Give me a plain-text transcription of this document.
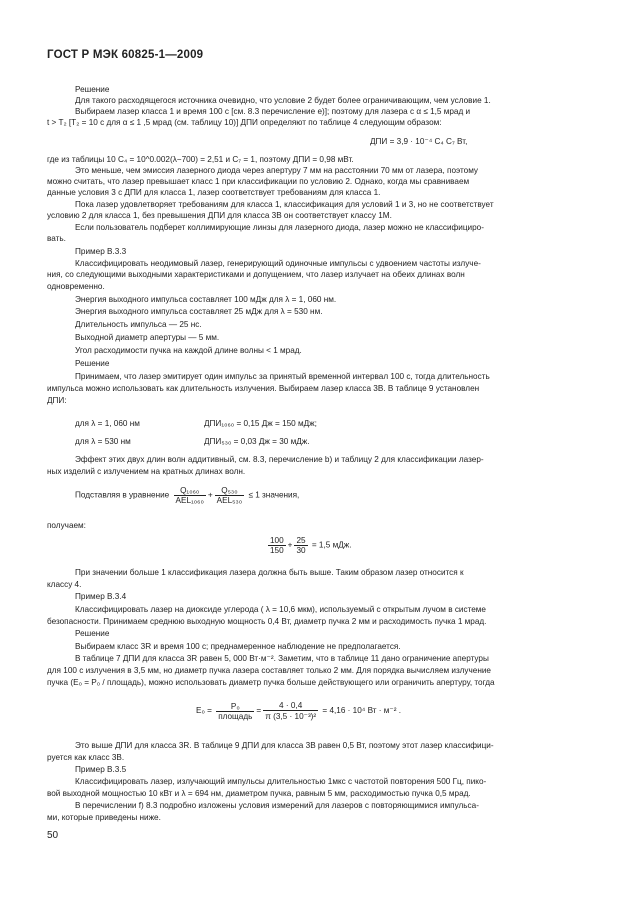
ГОСТ Р МЭК 60825-1—2009
Решение
Для такого расходящегося источника очевидно, что условие 2 будет более ограничивающим, чем условие 1.
Выбираем лазер класса 1 и время 100 с [см. 8.3 перечисление е)]; поэтому для лазера с α ≤ 1,5 мрад и
t > T₂ [T₂ = 10 с для α ≤ 1 ,5 мрад (см. таблицу 10)] ДПИ определяют по таблице 4 следующим образом:
ДПИ = 3,9 · 10⁻⁴ C₄ C₇ Вт,
где из таблицы 10 C₄ = 10^0.002(λ−700) = 2,51 и C₇ = 1, поэтому ДПИ = 0,98 мВт.
Это меньше, чем эмиссия лазерного диода через апертуру 7 мм на расстоянии 70 мм от лазера, поэтому
можно считать, что лазер превышает класс 1 при классификации по условию 2. Однако, когда мы сравниваем
данные условия 3 с ДПИ для класса 1, лазер соответствует требованиям для класса 1.
Пока лазер удовлетворяет требованиям для класса 1, классификация для условий 1 и 3, но не соответствует
условию 2 для класса 1, без превышения ДПИ для класса 3В он соответствует классу 1М.
Если пользователь подберет коллимирующие линзы для лазерного диода, лазер можно не классифициро-
вать.
Пример В.3.3
Классифицировать неодимовый лазер, генерирующий одиночные импульсы с удвоением частоты излуче-
ния, со следующими выходными характеристиками и допущением, что лазер излучает на обеих длинах волн
одновременно.
Энергия выходного импульса составляет 100 мДж для λ = 1, 060 нм.
Энергия выходного импульса составляет 25 мДж для λ = 530 нм.
Длительность импульса — 25 нс.
Выходной диаметр апертуры — 5 мм.
Угол расходимости пучка на каждой длине волны < 1 мрад.
Решение
Принимаем, что лазер эмитирует один импульс за принятый временной интервал 100 с, тогда длительность
импульса можно использовать как длительность излучения. Выбираем лазер класса 3В. В таблице 9 установлен
ДПИ:
для λ = 1, 060 нм	ДПИ₁₀₆₀ = 0,15 Дж = 150 мДж;
для λ = 530 нм	ДПИ₅₃₀ = 0,03 Дж = 30 мДж.
Эффект этих двух длин волн аддитивный, см. 8.3, перечисление b) и таблицу 2 для классификации лазер-
ных изделий с излучением на кратных длинах волн.
Подставляя в уравнение $\frac{\text{Q₁₀₆₀}}{\text{AEL₁₀₆₀}} + \frac{\text{Q₅₃₀}}{\text{AEL₅₃₀}} \le 1$ значения,
получаем:
$\frac{100}{150} + \frac{25}{30} = 1,5$ мДж.
При значении больше 1 классификация лазера должна быть выше. Таким образом лазер относится к
классу 4.
Пример В.3.4
Классифицировать лазер на диоксиде углерода ( λ = 10,6 мкм), используемый с открытым лучом в системе
безопасности. Принимаем среднюю выходную мощность 0,4 Вт, диаметр пучка 2 мм и расходимость пучка 1 мрад.
Решение
Выбираем класс 3R и время 100 с; преднамеренное наблюдение не предполагается.
В таблице 7 ДПИ для класса 3R равен 5, 000 Вт·м⁻². Заметим, что в таблице 11 дано ограничение апертуры
для 100 с излучения в 3,5 мм, но диаметр пучка лазера составляет только 2 мм. Для порядка вычисляем излучение
пучка (E₀ = P₀ / площадь), можно использовать диаметр пучка больше действующего или ограничить апертуру, тогда
$E_0 = \frac{\text{P₀}}{\text{площадь}} = \frac{4 \cdot 0,4}{\text{π (3,5 · 10⁻³)²}} = 4,16 \cdot 10^4$ Вт · м⁻² .
Это выше ДПИ для класса 3R. В таблице 9 ДПИ для класса 3В равен 0,5 Вт, поэтому этот лазер классифици-
руется как класс 3В.
Пример В.3.5
Классифицировать лазер, излучающий импульсы длительностью 1мкс с частотой повторения 500 Гц, пико-
вой выходной мощностью 10 кВт и λ = 694 нм, диаметром пучка, равным 5 мм, расходимостью пучка 0,5 мрад.
В перечислении f) 8.3 подробно изложены условия измерений для лазеров с повторяющимися импульса-
ми, которые приведены ниже.
50
